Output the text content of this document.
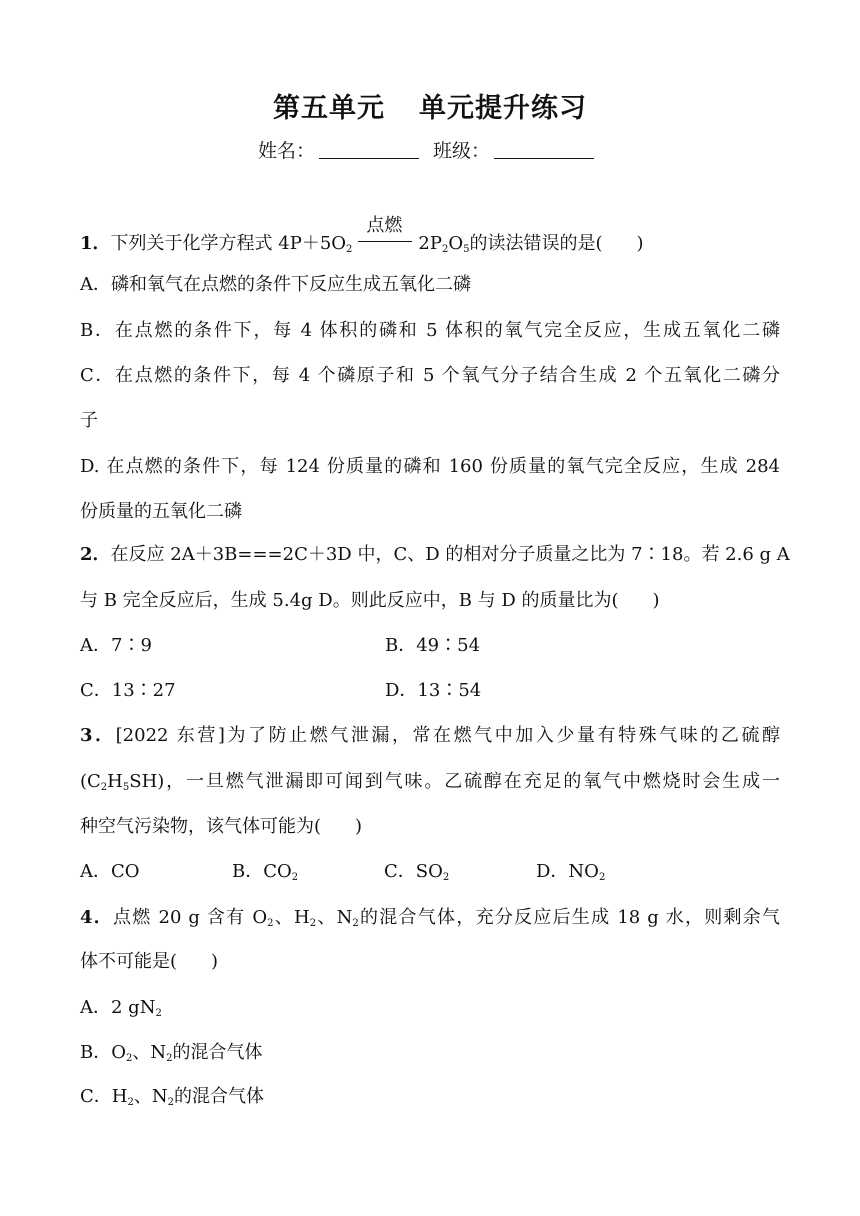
第五单元 单元提升练习
姓名：	班级：
1．下列关于化学方程式 $4P+5O_2$
点燃
$2P_2O_5$的读法错误的是( )
A．磷和氧气在点燃的条件下反应生成五氧化二磷
B．在点燃的条件下，每 4 体积的磷和 5 体积的氧气完全反应，生成五氧化二磷
C．在点燃的条件下，每 4 个磷原子和 5 个氧气分子结合生成 2 个五氧化二磷分
子
D. 在点燃的条件下，每 124 份质量的磷和 160 份质量的氧气完全反应，生成 284
份质量的五氧化二磷
2．在反应 2A＋3B===2C＋3D 中，C、D 的相对分子质量之比为 7∶18。若 2.6 g A
与 B 完全反应后，生成 5.4g D。则此反应中，B 与 D 的质量比为( )
A．7∶9	B．49∶54
C．13∶27	D．13∶54
3．[2022 东营]为了防止燃气泄漏，常在燃气中加入少量有特殊气味的乙硫醇
$(C_2H_5SH)$，一旦燃气泄漏即可闻到气味。乙硫醇在充足的氧气中燃烧时会生成一
种空气污染物，该气体可能为( )
A．CO	B．$CO_2$	C．$SO_2$	D．$NO_2$
4．点燃 20 g 含有 $O_2$、$H_2$、$N_2$的混合气体，充分反应后生成 18 g 水，则剩余气
体不可能是( )
A．2 $gN_2$
B．$O_2$、$N_2$的混合气体
C．$H_2$、$N_2$的混合气体
